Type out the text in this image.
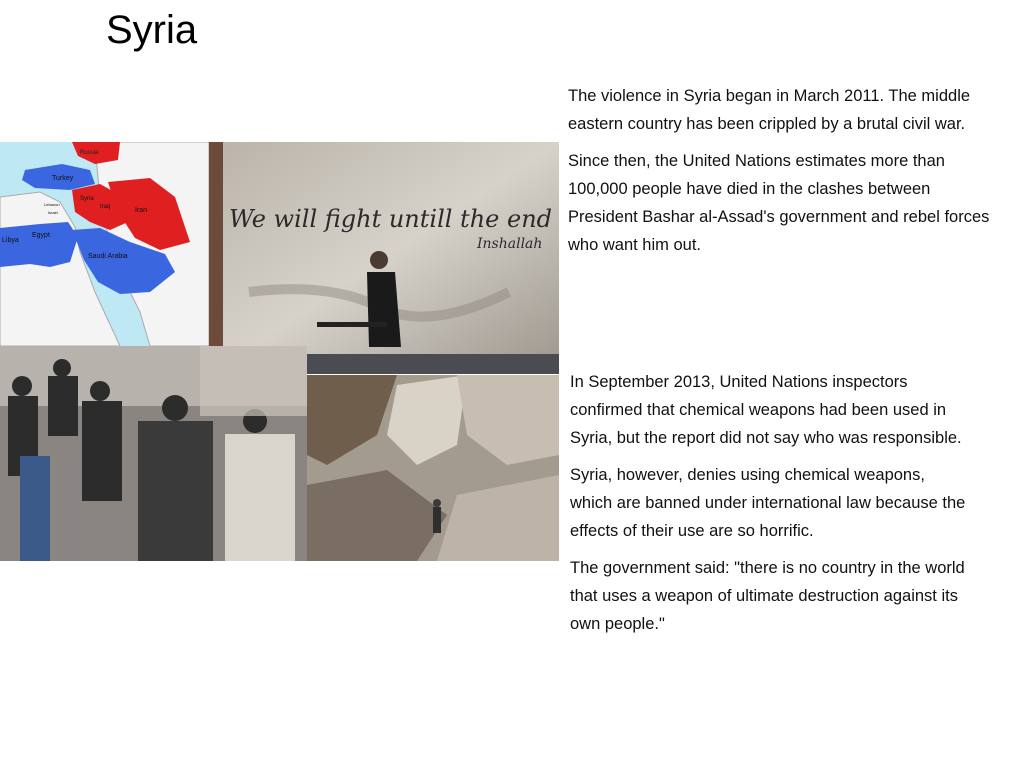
Syria
Russia
Turkey
Lebanon
Israel
Syria
Iraq	Iran
Libya
Egypt
Saudi Arabia
We will fight untill the end
Inshallah

The violence in Syria began in March 2011. The middle eastern country has been crippled by a brutal civil war.

Since then, the United Nations estimates more than 100,000 people have died in the clashes between President Bashar al-Assad's government and rebel forces who want him out.

In September 2013, United Nations inspectors confirmed that chemical weapons had been used in Syria, but the report did not say who was responsible.

Syria, however, denies using chemical weapons, which are banned under international law because the effects of their use are so horrific.

The government said: "there is no country in the world that uses a weapon of ultimate destruction against its own people."
